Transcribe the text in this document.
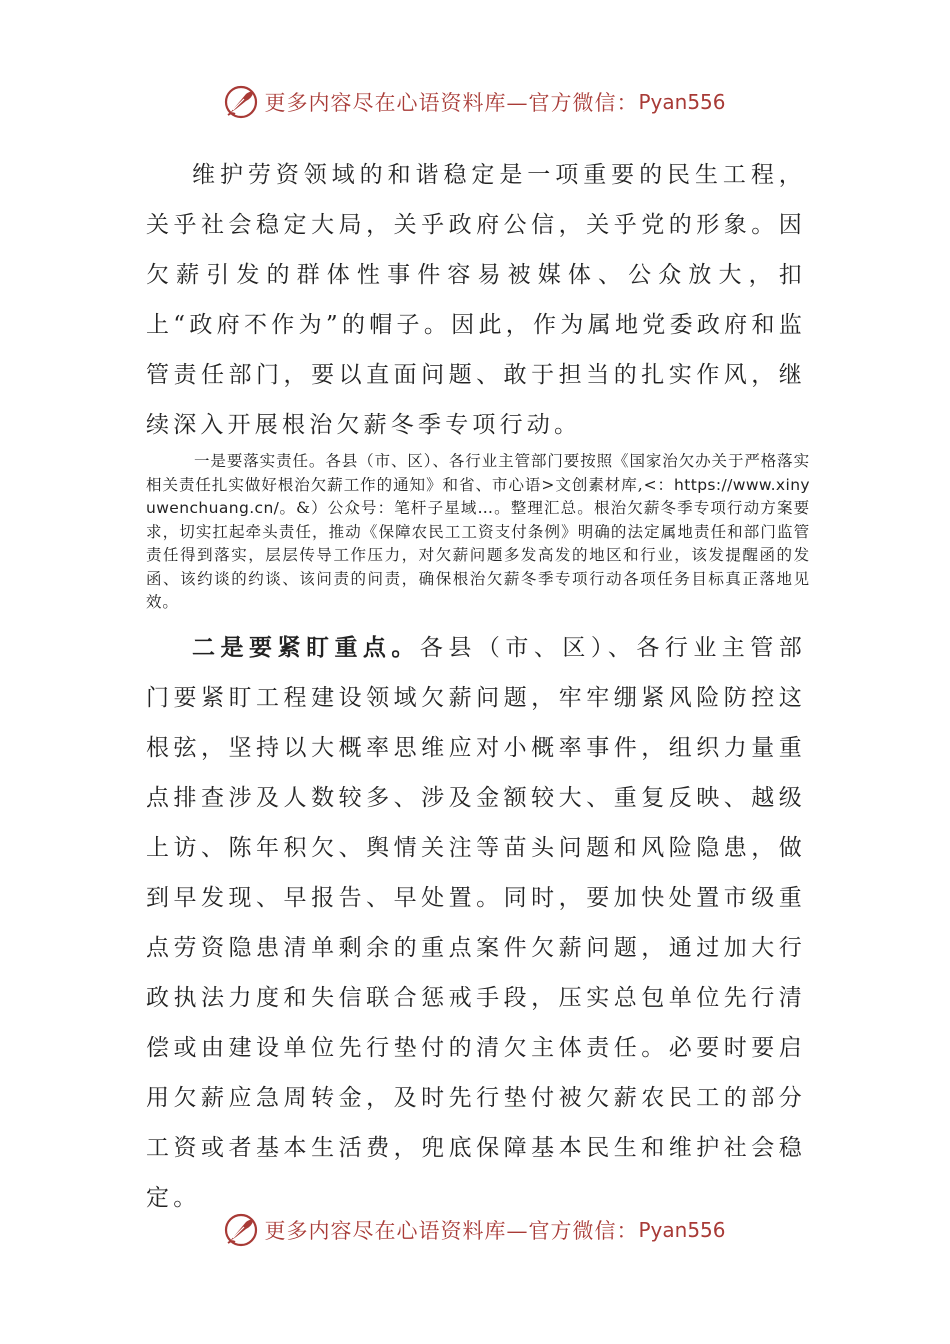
更多内容尽在心语资料库—官方微信： Pyan556

维护劳资领域的和谐稳定是一项重要的民生工程，关乎社会稳定大局，关乎政府公信，关乎党的形象。因欠薪引发的群体性事件容易被媒体、公众放大，扣上“政府不作为”的帽子。因此，作为属地党委政府和监管责任部门，要以直面问题、敢于担当的扎实作风，继续深入开展根治欠薪冬季专项行动。

一是要落实责任。各县（市、区）、各行业主管部门要按照《国家治欠办关于严格落实相关责任扎实做好根治欠薪工作的通知》和省、市心语>文创素材库,<：https://www.xinyuwenchuang.cn/。&）公众号：笔杆子星域…。整理汇总。根治欠薪冬季专项行动方案要求，切实扛起牵头责任，推动《保障农民工工资支付条例》明确的法定属地责任和部门监管责任得到落实，层层传导工作压力，对欠薪问题多发高发的地区和行业，该发提醒函的发函、该约谈的约谈、该问责的问责，确保根治欠薪冬季专项行动各项任务目标真正落地见效。

二是要紧盯重点。各县（市、区）、各行业主管部门要紧盯工程建设领域欠薪问题，牢牢绷紧风险防控这根弦，坚持以大概率思维应对小概率事件，组织力量重点排查涉及人数较多、涉及金额较大、重复反映、越级上访、陈年积欠、舆情关注等苗头问题和风险隐患，做到早发现、早报告、早处置。同时，要加快处置市级重点劳资隐患清单剩余的重点案件欠薪问题，通过加大行政执法力度和失信联合惩戒手段，压实总包单位先行清偿或由建设单位先行垫付的清欠主体责任。必要时要启用欠薪应急周转金，及时先行垫付被欠薪农民工的部分工资或者基本生活费，兜底保障基本民生和维护社会稳定。

更多内容尽在心语资料库—官方微信： Pyan556
